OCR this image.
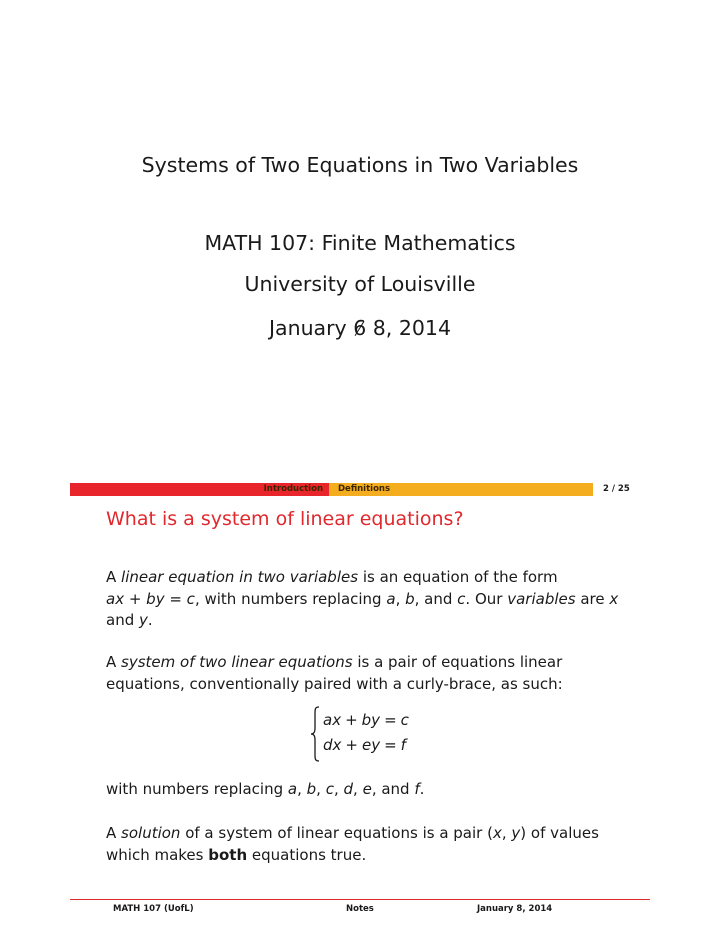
Systems of Two Equations in Two Variables
MATH 107: Finite Mathematics
University of Louisville
January 6 8, 2014
Introduction	Definitions	2 / 25
What is a system of linear equations?
A linear equation in two variables is an equation of the form
ax + by = c, with numbers replacing a, b, and c. Our variables are x
and y.
A system of two linear equations is a pair of equations linear
equations, conventionally paired with a curly-brace, as such:
ax + by = c
dx + ey = f
with numbers replacing a, b, c, d, e, and f.
A solution of a system of linear equations is a pair (x, y) of values
which makes both equations true.
MATH 107 (UofL)	Notes	January 8, 2014
